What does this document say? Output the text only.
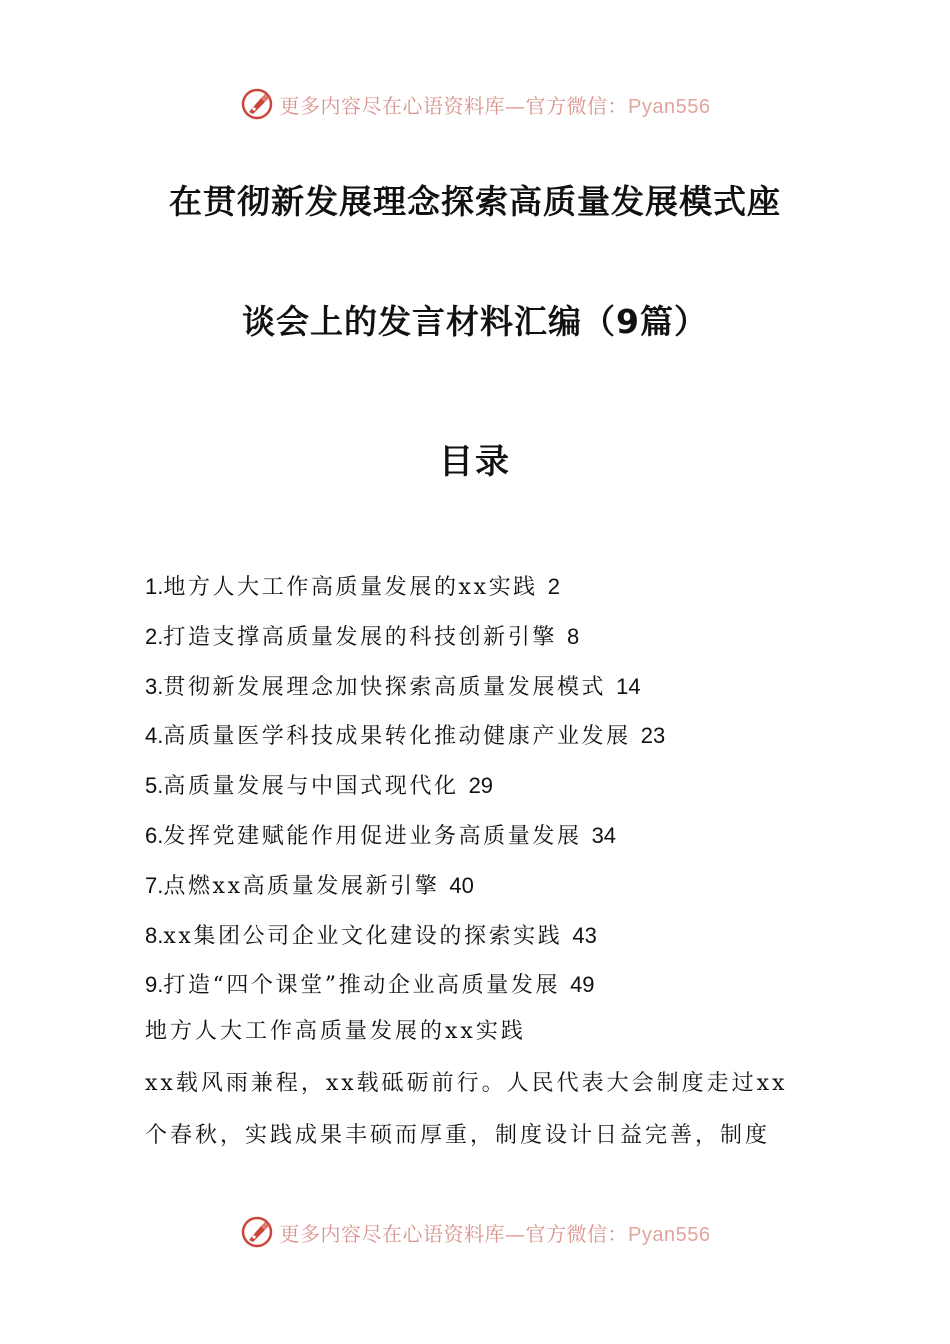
更多内容尽在心语资料库—官方微信：Pyan556
在贯彻新发展理念探索高质量发展模式座
谈会上的发言材料汇编（9篇）
目录
1.地方人大工作高质量发展的xx实践 2
2.打造支撑高质量发展的科技创新引擎 8
3.贯彻新发展理念加快探索高质量发展模式 14
4.高质量医学科技成果转化推动健康产业发展 23
5.高质量发展与中国式现代化 29
6.发挥党建赋能作用促进业务高质量发展 34
7.点燃xx高质量发展新引擎 40
8.xx集团公司企业文化建设的探索实践 43
9.打造“四个课堂”推动企业高质量发展 49
地方人大工作高质量发展的xx实践
xx载风雨兼程，xx载砥砺前行。人民代表大会制度走过xx
个春秋，实践成果丰硕而厚重，制度设计日益完善，制度
更多内容尽在心语资料库—官方微信：Pyan556
